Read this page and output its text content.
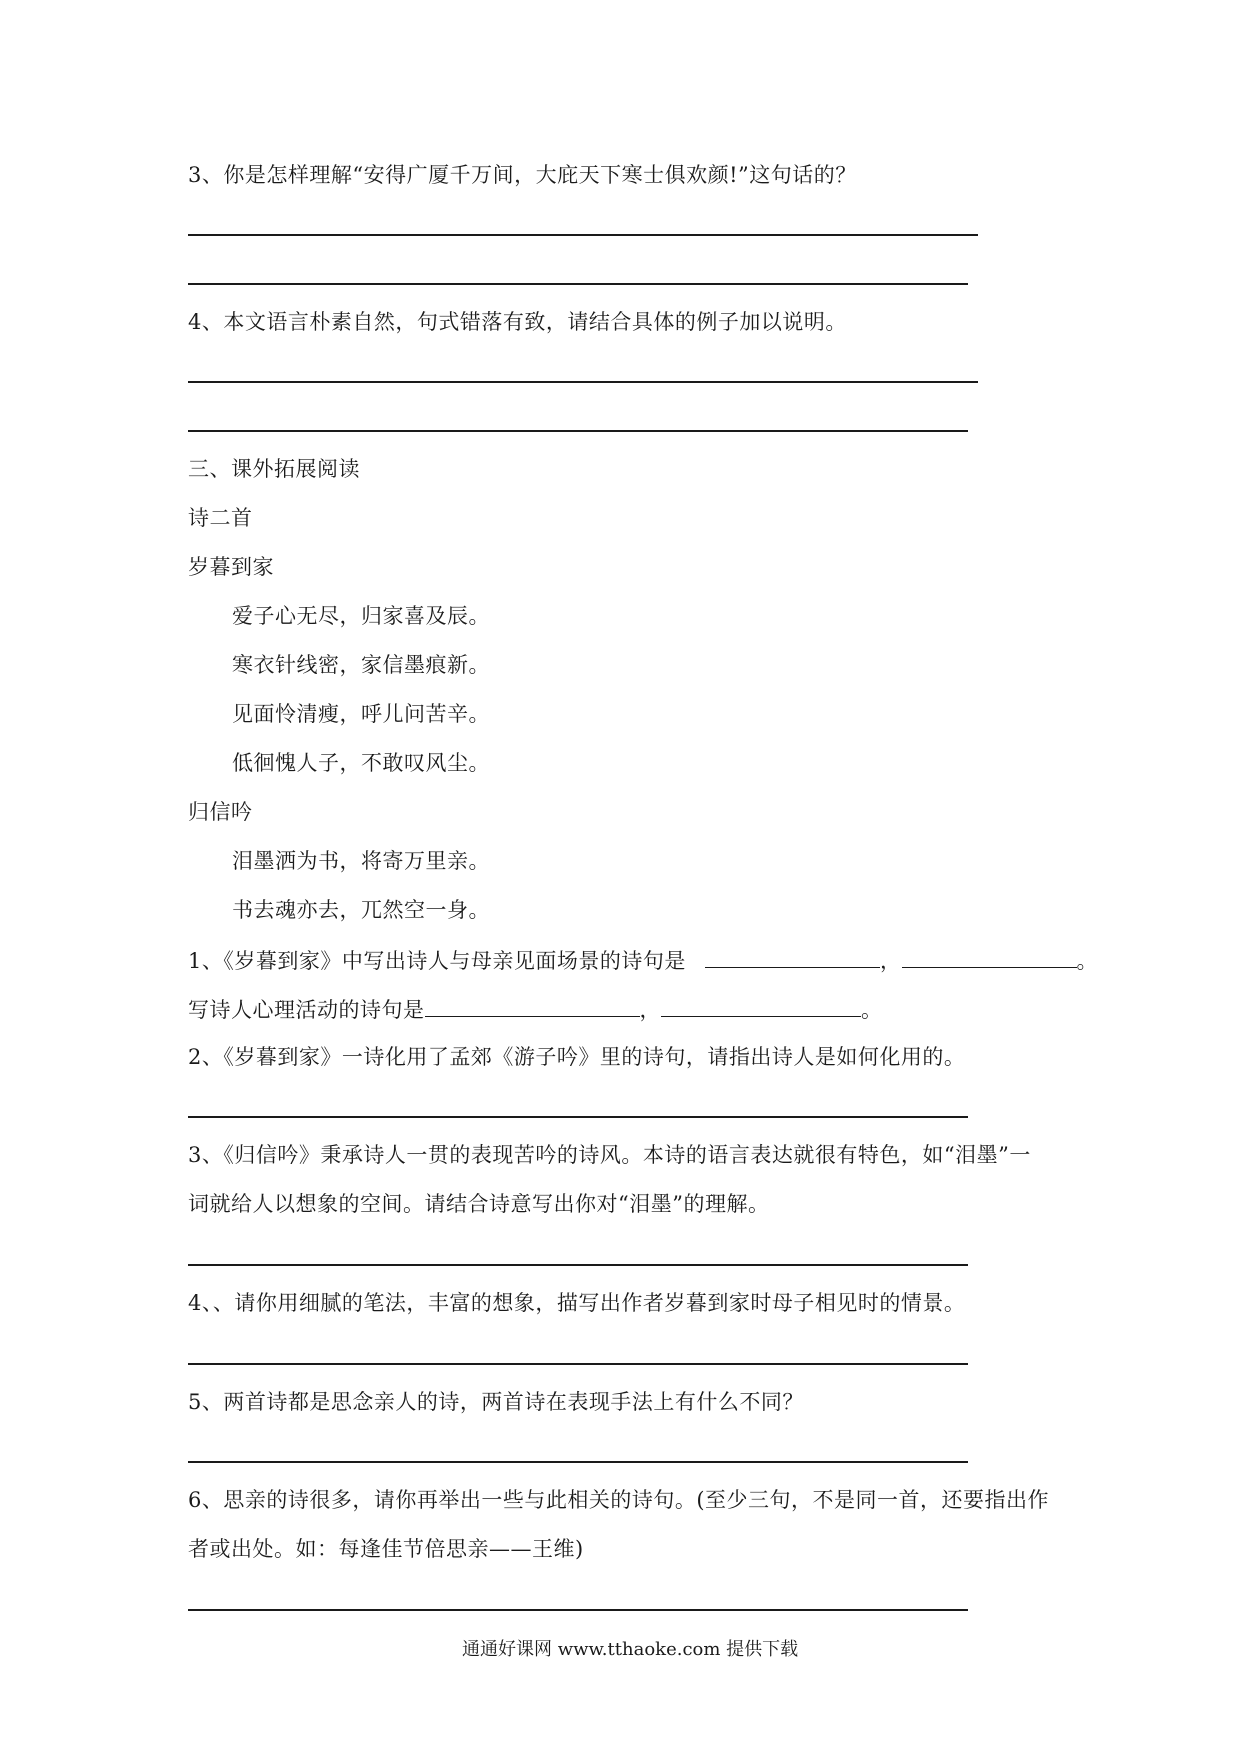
3、你是怎样理解“安得广厦千万间，大庇天下寒士俱欢颜!”这句话的？
4、本文语言朴素自然，句式错落有致，请结合具体的例子加以说明。
三、课外拓展阅读
诗二首
岁暮到家
爱子心无尽，归家喜及辰。
寒衣针线密，家信墨痕新。
见面怜清瘦，呼儿问苦辛。
低徊愧人子，不敢叹风尘。
归信吟
泪墨洒为书，将寄万里亲。
书去魂亦去，兀然空一身。
1、《岁暮到家》中写出诗人与母亲见面场景的诗句是	，	。
写诗人心理活动的诗句是	，	。
2、《岁暮到家》一诗化用了孟郊《游子吟》里的诗句，请指出诗人是如何化用的。
3、《归信吟》秉承诗人一贯的表现苦吟的诗风。本诗的语言表达就很有特色，如“泪墨”一
词就给人以想象的空间。请结合诗意写出你对“泪墨”的理解。
4、、请你用细腻的笔法，丰富的想象，描写出作者岁暮到家时母子相见时的情景。
5、两首诗都是思念亲人的诗，两首诗在表现手法上有什么不同？
6、思亲的诗很多，请你再举出一些与此相关的诗句。(至少三句，不是同一首，还要指出作
者或出处。如：每逢佳节倍思亲——王维)
通通好课网 www.tthaoke.com 提供下载
